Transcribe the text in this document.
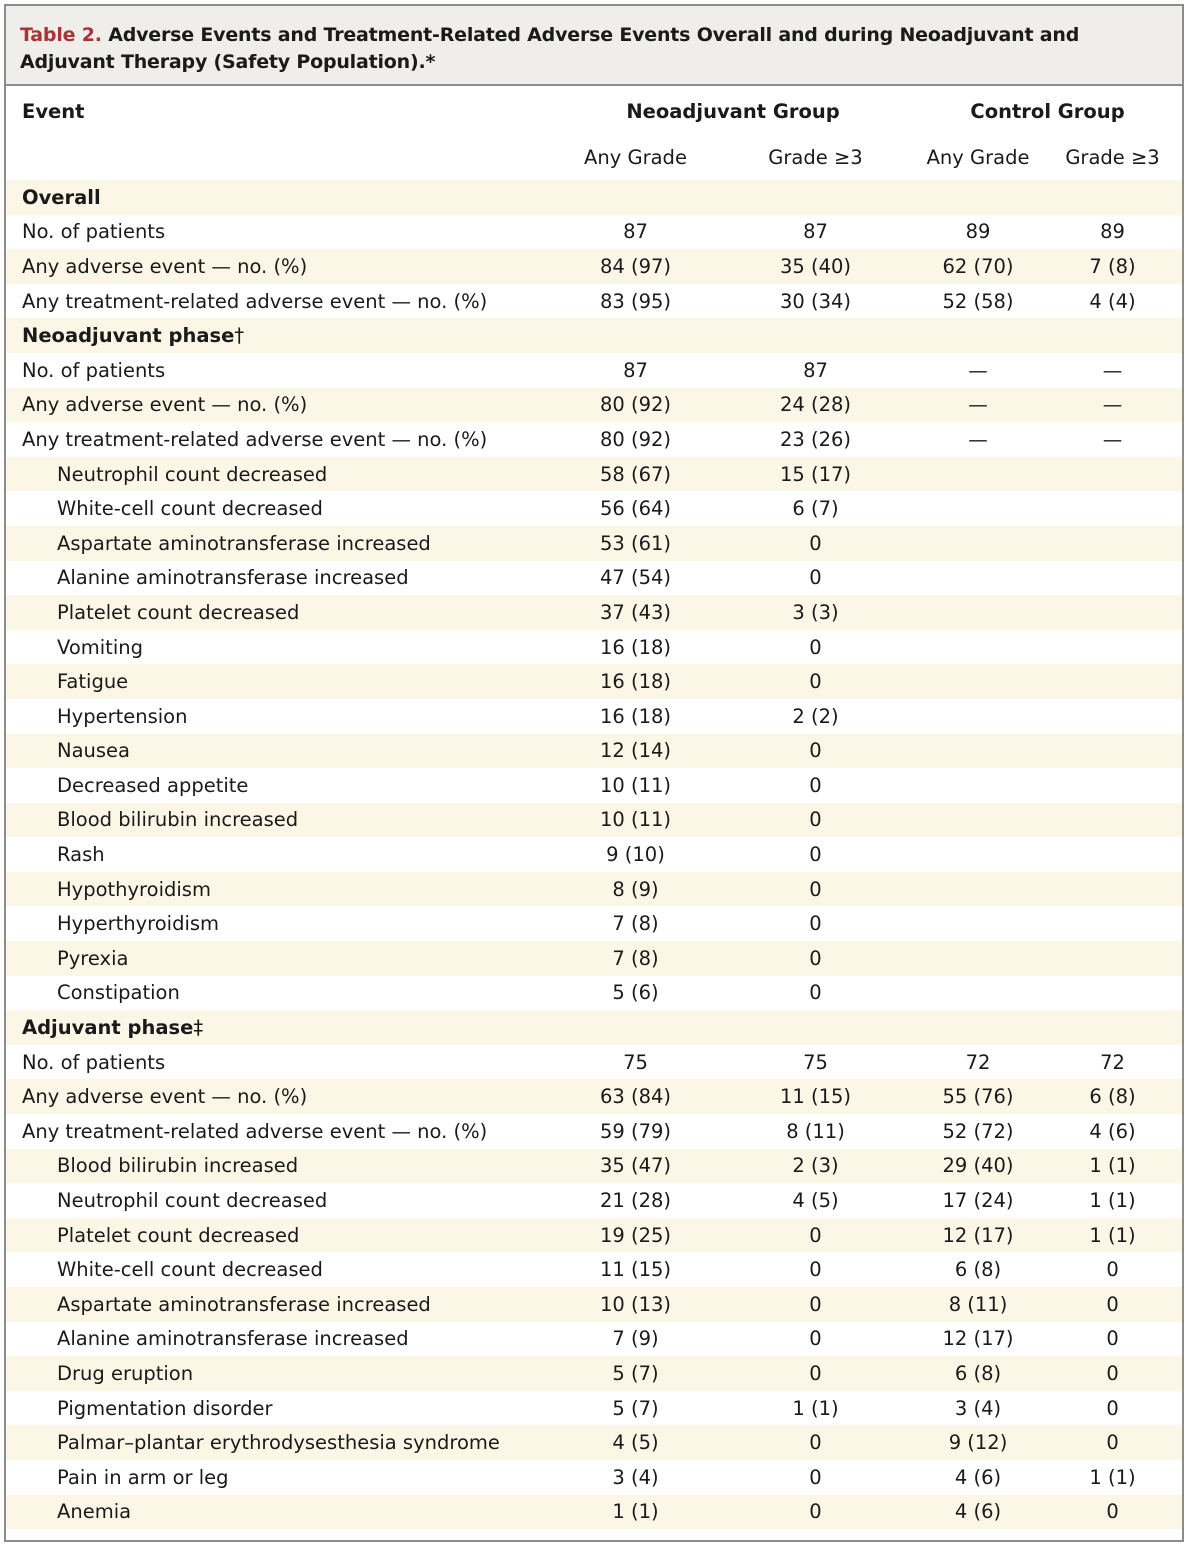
Table 2. Adverse Events and Treatment-Related Adverse Events Overall and during Neoadjuvant and Adjuvant Therapy (Safety Population).*
Event	Neoadjuvant Group		Control Group	
	Any Grade	Grade ≥3	Any Grade	Grade ≥3
Overall				
No. of patients	87	87	89	89
Any adverse event — no. (%)	84 (97)	35 (40)	62 (70)	7 (8)
Any treatment-related adverse event — no. (%)	83 (95)	30 (34)	52 (58)	4 (4)
Neoadjuvant phase†				
No. of patients	87	87	—	—
Any adverse event — no. (%)	80 (92)	24 (28)	—	—
Any treatment-related adverse event — no. (%)	80 (92)	23 (26)	—	—
Neutrophil count decreased	58 (67)	15 (17)		
White-cell count decreased	56 (64)	6 (7)		
Aspartate aminotransferase increased	53 (61)	0		
Alanine aminotransferase increased	47 (54)	0		
Platelet count decreased	37 (43)	3 (3)		
Vomiting	16 (18)	0		
Fatigue	16 (18)	0		
Hypertension	16 (18)	2 (2)		
Nausea	12 (14)	0		
Decreased appetite	10 (11)	0		
Blood bilirubin increased	10 (11)	0		
Rash	9 (10)	0		
Hypothyroidism	8 (9)	0		
Hyperthyroidism	7 (8)	0		
Pyrexia	7 (8)	0		
Constipation	5 (6)	0		
Adjuvant phase‡				
No. of patients	75	75	72	72
Any adverse event — no. (%)	63 (84)	11 (15)	55 (76)	6 (8)
Any treatment-related adverse event — no. (%)	59 (79)	8 (11)	52 (72)	4 (6)
Blood bilirubin increased	35 (47)	2 (3)	29 (40)	1 (1)
Neutrophil count decreased	21 (28)	4 (5)	17 (24)	1 (1)
Platelet count decreased	19 (25)	0	12 (17)	1 (1)
White-cell count decreased	11 (15)	0	6 (8)	0
Aspartate aminotransferase increased	10 (13)	0	8 (11)	0
Alanine aminotransferase increased	7 (9)	0	12 (17)	0
Drug eruption	5 (7)	0	6 (8)	0
Pigmentation disorder	5 (7)	1 (1)	3 (4)	0
Palmar–plantar erythrodysesthesia syndrome	4 (5)	0	9 (12)	0
Pain in arm or leg	3 (4)	0	4 (6)	1 (1)
Anemia	1 (1)	0	4 (6)	0
